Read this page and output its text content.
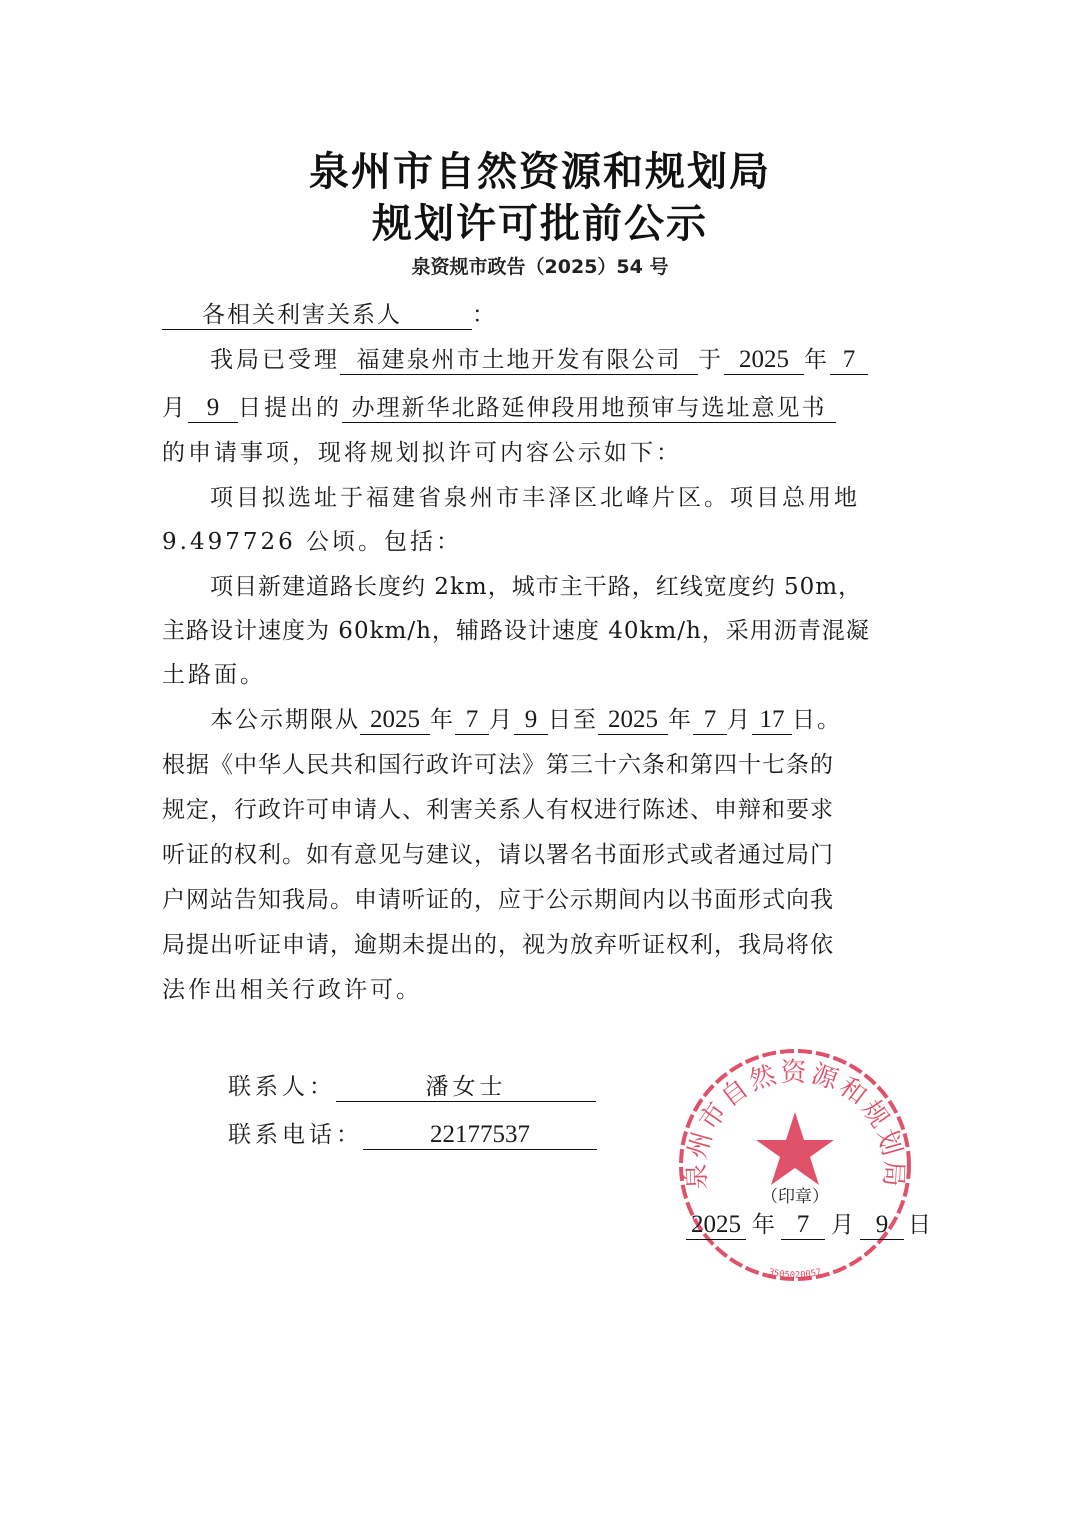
泉州市自然资源和规划局
规划许可批前公示
泉资规市政告（2025）54 号
各相关利害关系人	：
我局已受理 福建泉州市土地开发有限公司 于 2025 年 7
月 9 日提出的 办理新华北路延伸段用地预审与选址意见书
的申请事项，现将规划拟许可内容公示如下：
项目拟选址于福建省泉州市丰泽区北峰片区。项目总用地
9.497726 公顷。包括：
项目新建道路长度约 2km，城市主干路，红线宽度约 50m，
主路设计速度为 60km/h，辅路设计速度 40km/h，采用沥青混凝
土路面。
本公示期限从 2025 年 7 月 9 日至 2025 年 7 月 17 日。
根据《中华人民共和国行政许可法》第三十六条和第四十七条的
规定，行政许可申请人、利害关系人有权进行陈述、申辩和要求
听证的权利。如有意见与建议，请以署名书面形式或者通过局门
户网站告知我局。申请听证的，应于公示期间内以书面形式向我
局提出听证申请，逾期未提出的，视为放弃听证权利，我局将依
法作出相关行政许可。
联系人：	潘女士
联系电话：	22177537
泉州市自然资源和规划局
（印章）
3505020057
2025 年 7 月 9 日
